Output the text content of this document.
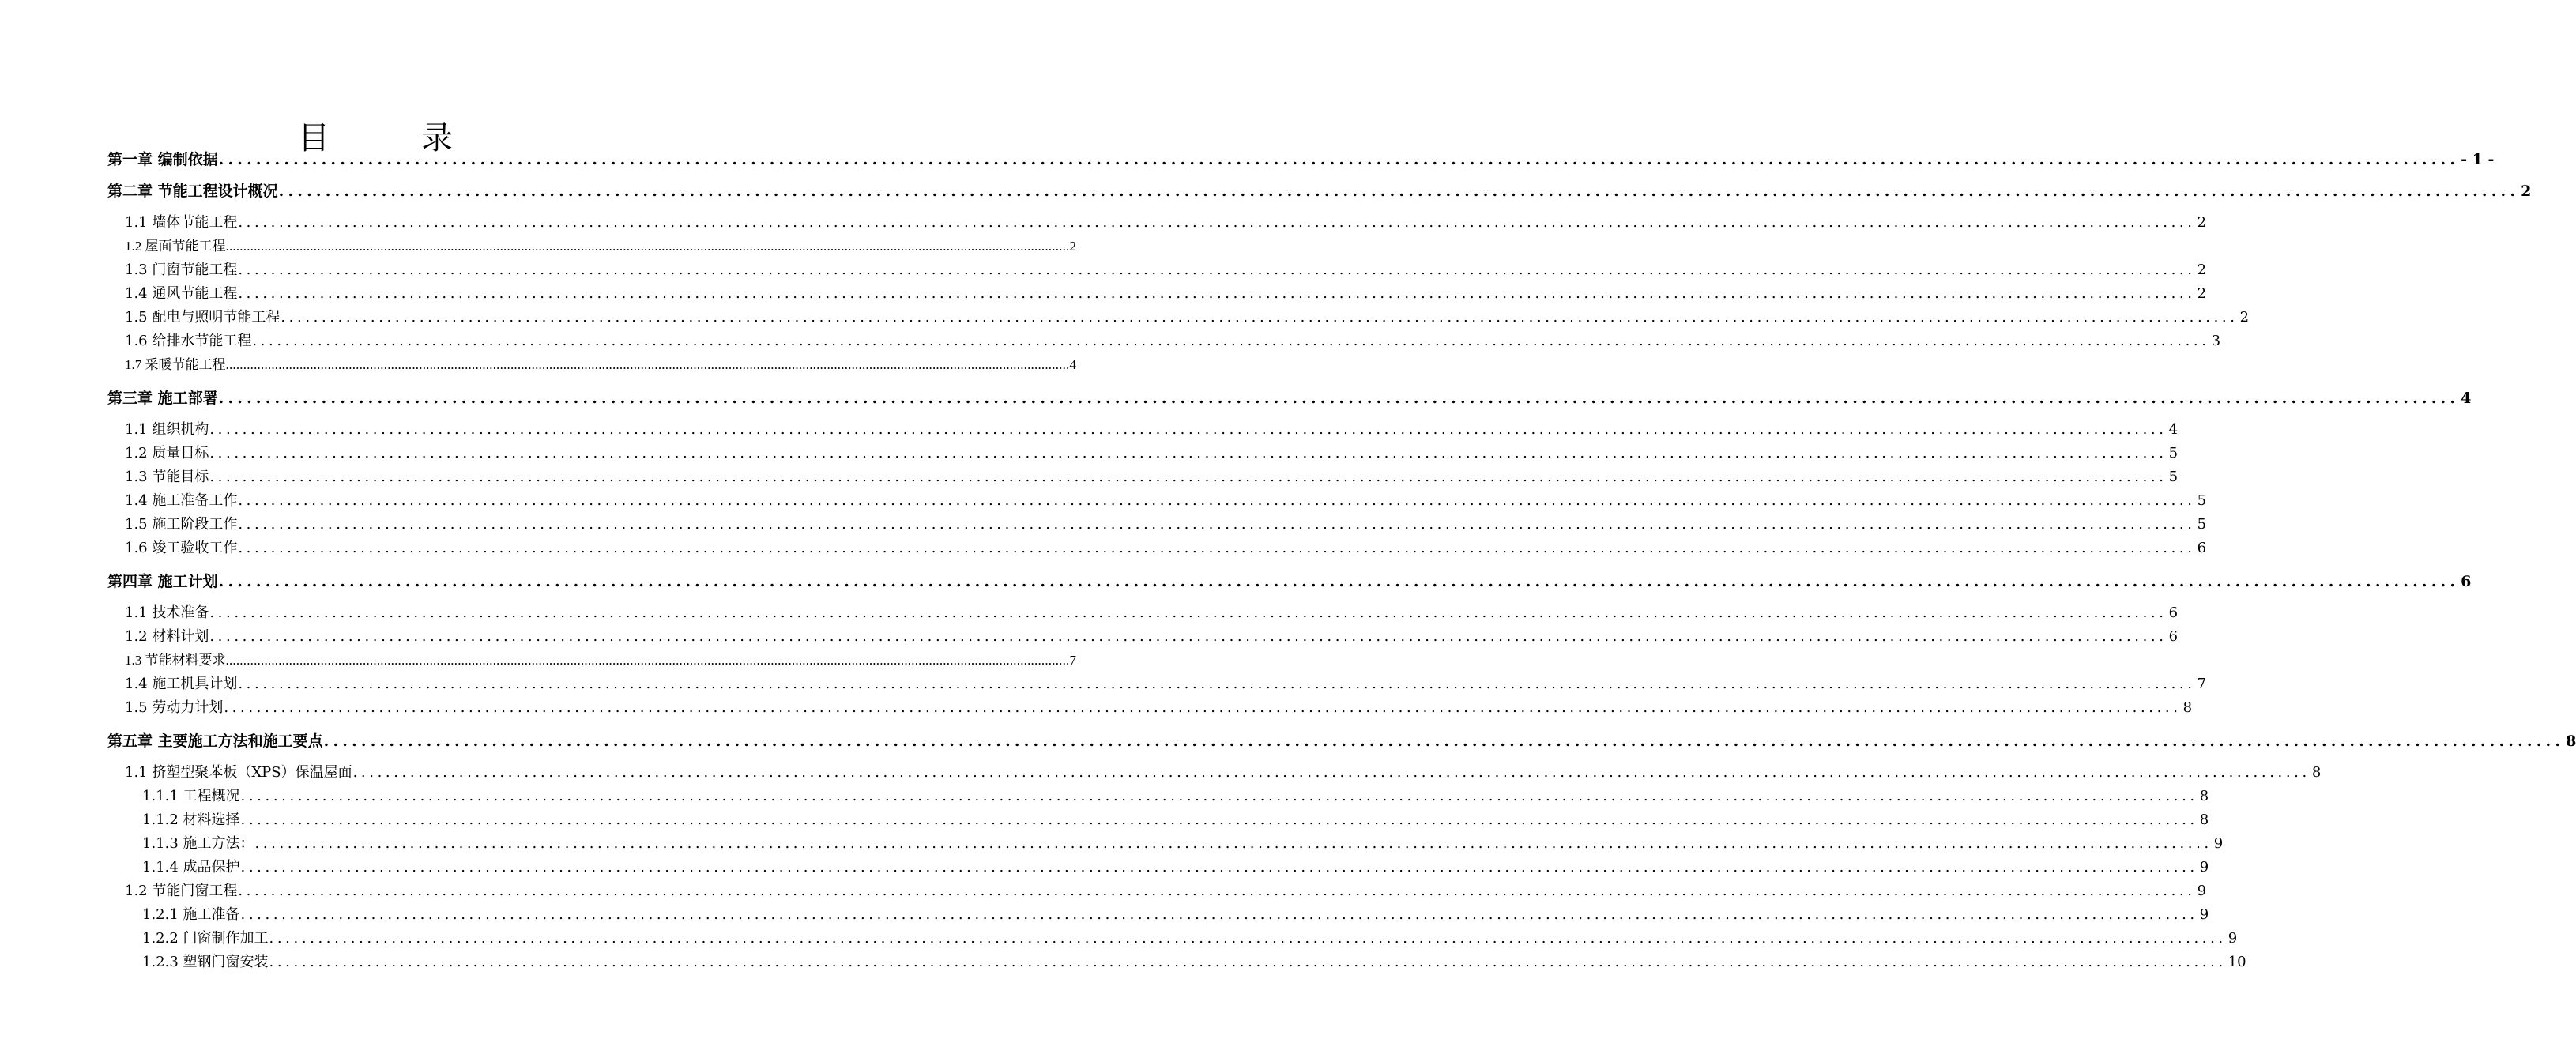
目　录
第一章 编制依据 ................................................................................................................................................................................................................................................ - 1 -
第二章 节能工程设计概况 ................................................................................................................................................................................................................................................ 2
1.1 墙体节能工程 ................................................................................................................................................................................................................................................ 2
1.2 屋面节能工程 ................................................................................................................................................................................................................................................ 2
1.3 门窗节能工程 ................................................................................................................................................................................................................................................ 2
1.4 通风节能工程 ................................................................................................................................................................................................................................................ 2
1.5 配电与照明节能工程 ................................................................................................................................................................................................................................................ 2
1.6 给排水节能工程 ................................................................................................................................................................................................................................................ 3
1.7 采暖节能工程 ................................................................................................................................................................................................................................................ 4
第三章 施工部署 ................................................................................................................................................................................................................................................ 4
1.1 组织机构 ................................................................................................................................................................................................................................................ 4
1.2 质量目标 ................................................................................................................................................................................................................................................ 5
1.3 节能目标 ................................................................................................................................................................................................................................................ 5
1.4 施工准备工作 ................................................................................................................................................................................................................................................ 5
1.5 施工阶段工作 ................................................................................................................................................................................................................................................ 5
1.6 竣工验收工作 ................................................................................................................................................................................................................................................ 6
第四章 施工计划 ................................................................................................................................................................................................................................................ 6
1.1 技术准备 ................................................................................................................................................................................................................................................ 6
1.2 材料计划 ................................................................................................................................................................................................................................................ 6
1.3 节能材料要求 ................................................................................................................................................................................................................................................ 7
1.4 施工机具计划 ................................................................................................................................................................................................................................................ 7
1.5 劳动力计划 ................................................................................................................................................................................................................................................ 8
第五章 主要施工方法和施工要点 ................................................................................................................................................................................................................................................ 8
1.1 挤塑型聚苯板（XPS）保温屋面 ................................................................................................................................................................................................................................................ 8
1.1.1 工程概况 ................................................................................................................................................................................................................................................ 8
1.1.2 材料选择 ................................................................................................................................................................................................................................................ 8
1.1.3 施工方法： ................................................................................................................................................................................................................................................ 9
1.1.4 成品保护 ................................................................................................................................................................................................................................................ 9
1.2 节能门窗工程 ................................................................................................................................................................................................................................................ 9
1.2.1 施工准备 ................................................................................................................................................................................................................................................ 9
1.2.2 门窗制作加工 ................................................................................................................................................................................................................................................ 9
1.2.3 塑钢门窗安装 ................................................................................................................................................................................................................................................ 10
